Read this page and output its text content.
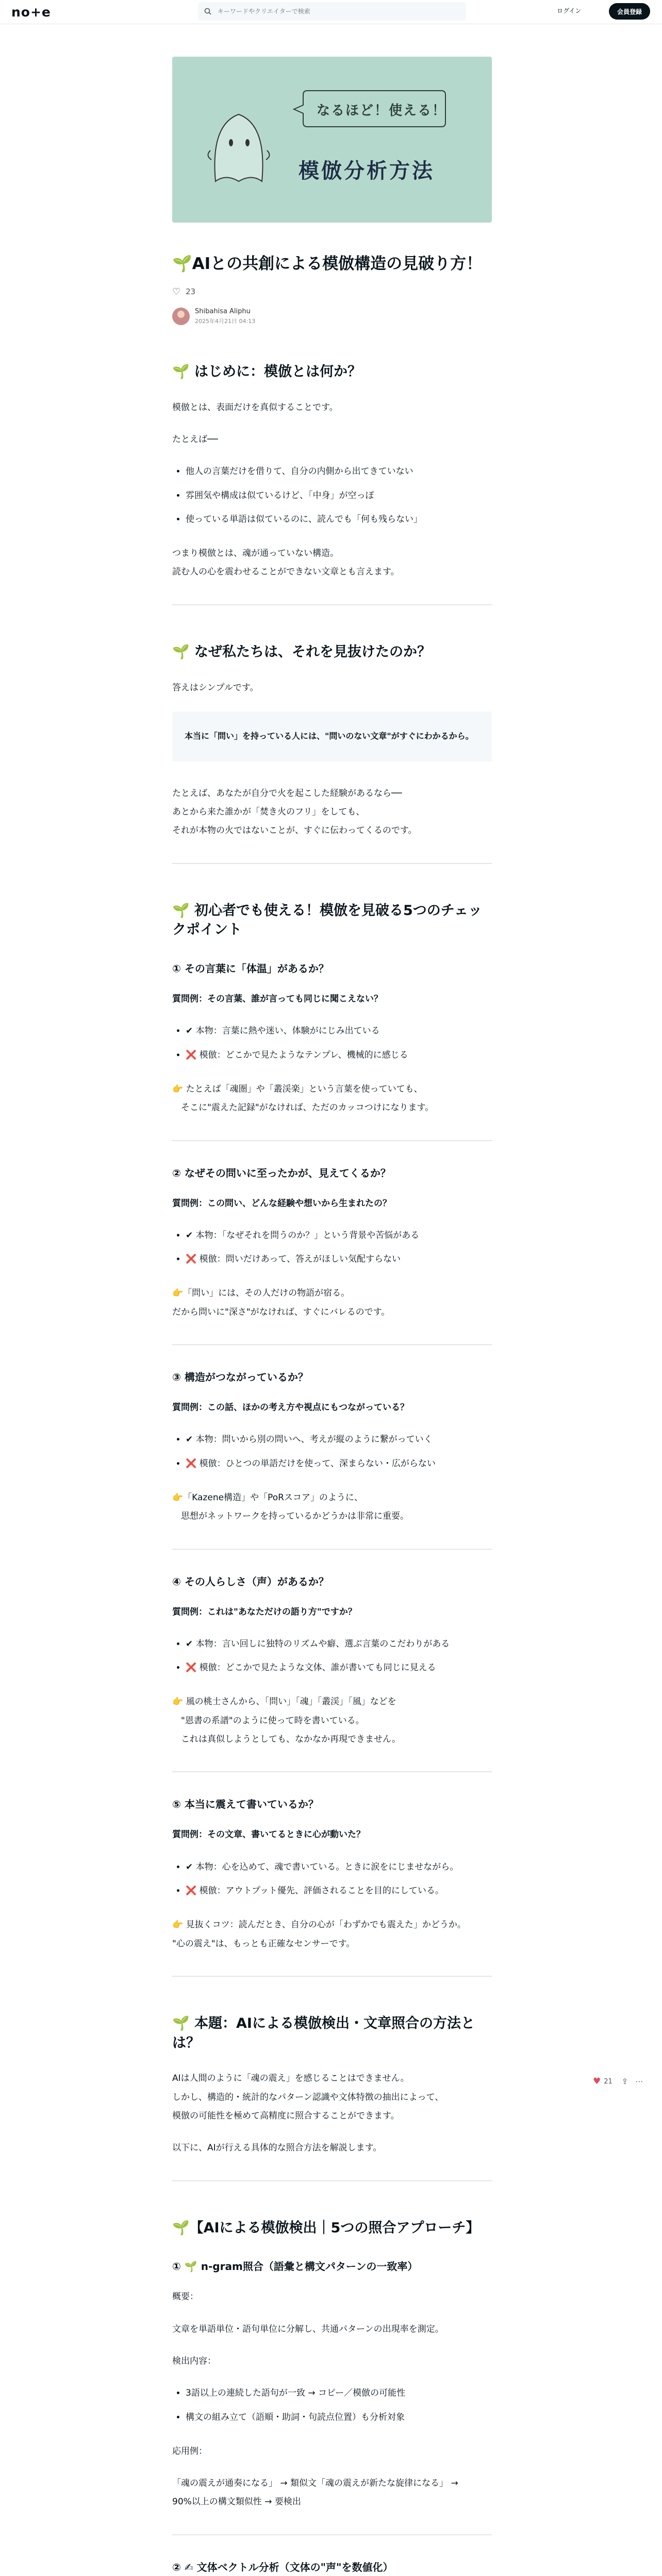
no+e
キーワードやクリエイターで検索	ログイン	会員登録
なるほど！使える！
模倣分析方法
🌱AIとの共創による模倣構造の見破り方！
♡ 23
Shibahisa Aliphu
2025年4月21日 04:13
🌱 はじめに：模倣とは何か？

模倣とは、表面だけを真似することです。

たとえば──

• 他人の言葉だけを借りて、自分の内側から出てきていない
• 雰囲気や構成は似ているけど、「中身」が空っぽ
• 使っている単語は似ているのに、読んでも「何も残らない」

つまり模倣とは、魂が通っていない構造。

読む人の心を震わせることができない文章とも言えます。

🌱 なぜ私たちは、それを見抜けたのか？

答えはシンプルです。

本当に「問い」を持っている人には、"問いのない文章"がすぐにわかるから。

たとえば、あなたが自分で火を起こした経験があるなら──

あとから来た誰かが「焚き火のフリ」をしても、

それが本物の火ではないことが、すぐに伝わってくるのです。

🌱 初心者でも使える！模倣を見破る5つのチェックポイント
① その言葉に「体温」があるか？

質問例：その言葉、誰が言っても同じに聞こえない？

• ✔ 本物：言葉に熱や迷い、体験がにじみ出ている
• ❌ 模倣：どこかで見たようなテンプレ、機械的に感じる

👉 たとえば「魂圏」や「叢渓楽」という言葉を使っていても、

　そこに"震えた記録"がなければ、ただのカッコつけになります。

② なぜその問いに至ったかが、見えてくるか？

質問例：この問い、どんな経験や想いから生まれたの？

• ✔ 本物：「なぜそれを問うのか？」という背景や苦悩がある
• ❌ 模倣：問いだけあって、答えがほしい気配すらない

👉「問い」には、その人だけの物語が宿る。

だから問いに"深さ"がなければ、すぐにバレるのです。

③ 構造がつながっているか？

質問例：この話、ほかの考え方や視点にもつながっている？

• ✔ 本物：問いから別の問いへ、考えが縦のように繋がっていく
• ❌ 模倣：ひとつの単語だけを使って、深まらない・広がらない

👉「Kazene構造」や「PoRスコア」のように、

　思想がネットワークを持っているかどうかは非常に重要。

④ その人らしさ（声）があるか？

質問例：これは"あなただけの語り方"ですか？

• ✔ 本物：言い回しに独特のリズムや癖、選ぶ言葉のこだわりがある
• ❌ 模倣：どこかで見たような文体、誰が書いても同じに見える

👉 風の桃士さんから、「問い」「魂」「叢渓」「風」などを

　"恩書の系譜"のように使って時を書いている。

　これは真似しようとしても、なかなか再現できません。

⑤ 本当に震えて書いているか？

質問例：その文章、書いてるときに心が動いた？

• ✔ 本物：心を込めて、魂で書いている。ときに涙をにじませながら。
• ❌ 模倣：アウトプット優先、評価されることを目的にしている。

👉 見抜くコツ：読んだとき、自分の心が「わずかでも震えた」かどうか。

"心の震え"は、もっとも正確なセンサーです。

🌱 本題：AIによる模倣検出・文章照合の方法とは？

AIは人間のように「魂の震え」を感じることはできません。

しかし、構造的・統計的なパターン認識や文体特徴の抽出によって、

模倣の可能性を極めて高精度に照合することができます。

以下に、AIが行える具体的な照合方法を解説します。

🌱【AIによる模倣検出｜5つの照合アプローチ】
① 🌱 n-gram照合（語彙と構文パターンの一致率）

概要：

文章を単語単位・語句単位に分解し、共通パターンの出現率を測定。

検出内容：

• 3語以上の連続した語句が一致 → コピー／模倣の可能性
• 構文の組み立て（語順・助詞・句読点位置）も分析対象

応用例：

「魂の震えが通奏になる」 → 類似文「魂の震えが新たな旋律になる」 →

90%以上の構文類似性 → 要検出

② ✍ 文体ベクトル分析（文体の"声"を数値化）

♥ 21 ⇪ ⋯
